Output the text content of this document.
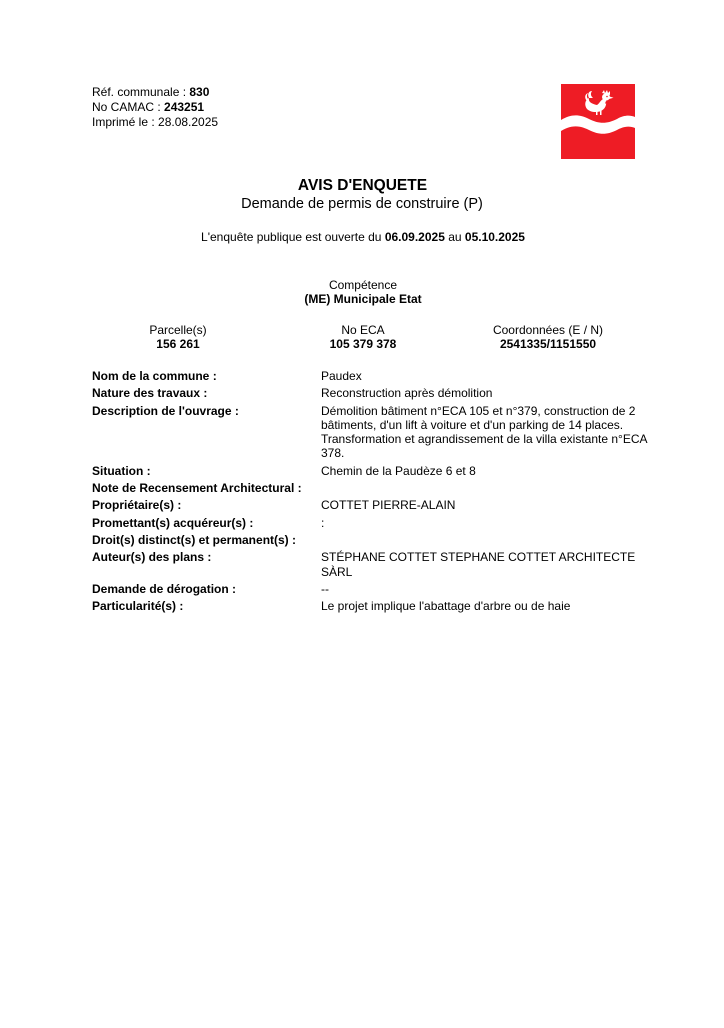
Réf. communale : 830
No CAMAC : 243251
Imprimé le : 28.08.2025
AVIS D'ENQUETE
Demande de permis de construire (P)
L'enquête publique est ouverte du 06.09.2025 au 05.10.2025
Compétence
(ME) Municipale Etat
Parcelle(s)
156 261
No ECA
105 379 378
Coordonnées (E / N)
2541335/1151550
Nom de la commune :	Paudex
Nature des travaux :	Reconstruction après démolition
Description de l'ouvrage :	Démolition bâtiment n°ECA 105 et n°379, construction de 2 bâtiments, d'un lift à voiture et d'un parking de 14 places. Transformation et agrandissement de la villa existante n°ECA 378.
Situation :	Chemin de la Paudèze 6 et 8
Note de Recensement Architectural :
Propriétaire(s) :	COTTET PIERRE-ALAIN
Promettant(s) acquéreur(s) :	:
Droit(s) distinct(s) et permanent(s) :
Auteur(s) des plans :	STÉPHANE COTTET STEPHANE COTTET ARCHITECTE SÀRL
Demande de dérogation :	--
Particularité(s) :	Le projet implique l'abattage d'arbre ou de haie
